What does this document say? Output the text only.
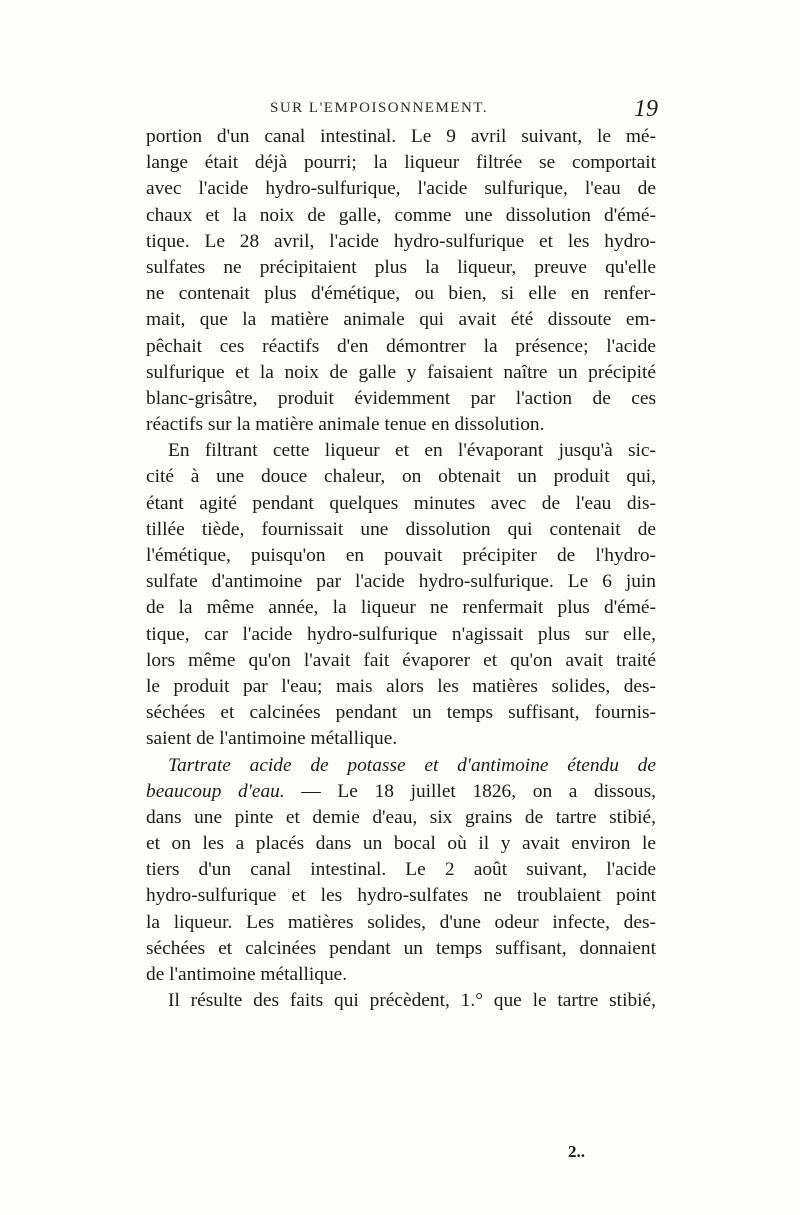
SUR L'EMPOISONNEMENT.	19
portion d'un canal intestinal. Le 9 avril suivant, le mé-
lange était déjà pourri; la liqueur filtrée se comportait
avec l'acide hydro-sulfurique, l'acide sulfurique, l'eau de
chaux et la noix de galle, comme une dissolution d'émé-
tique. Le 28 avril, l'acide hydro-sulfurique et les hydro-
sulfates ne précipitaient plus la liqueur, preuve qu'elle
ne contenait plus d'émétique, ou bien, si elle en renfer-
mait, que la matière animale qui avait été dissoute em-
pêchait ces réactifs d'en démontrer la présence; l'acide
sulfurique et la noix de galle y faisaient naître un précipité
blanc-grisâtre, produit évidemment par l'action de ces
réactifs sur la matière animale tenue en dissolution.
En filtrant cette liqueur et en l'évaporant jusqu'à sic-
cité à une douce chaleur, on obtenait un produit qui,
étant agité pendant quelques minutes avec de l'eau dis-
tillée tiède, fournissait une dissolution qui contenait de
l'émétique, puisqu'on en pouvait précipiter de l'hydro-
sulfate d'antimoine par l'acide hydro-sulfurique. Le 6 juin
de la même année, la liqueur ne renfermait plus d'émé-
tique, car l'acide hydro-sulfurique n'agissait plus sur elle,
lors même qu'on l'avait fait évaporer et qu'on avait traité
le produit par l'eau; mais alors les matières solides, des-
séchées et calcinées pendant un temps suffisant, fournis-
saient de l'antimoine métallique.
Tartrate acide de potasse et d'antimoine étendu de
beaucoup d'eau. — Le 18 juillet 1826, on a dissous,
dans une pinte et demie d'eau, six grains de tartre stibié,
et on les a placés dans un bocal où il y avait environ le
tiers d'un canal intestinal. Le 2 août suivant, l'acide
hydro-sulfurique et les hydro-sulfates ne troublaient point
la liqueur. Les matières solides, d'une odeur infecte, des-
séchées et calcinées pendant un temps suffisant, donnaient
de l'antimoine métallique.
Il résulte des faits qui précèdent, 1.° que le tartre stibié,
2..
